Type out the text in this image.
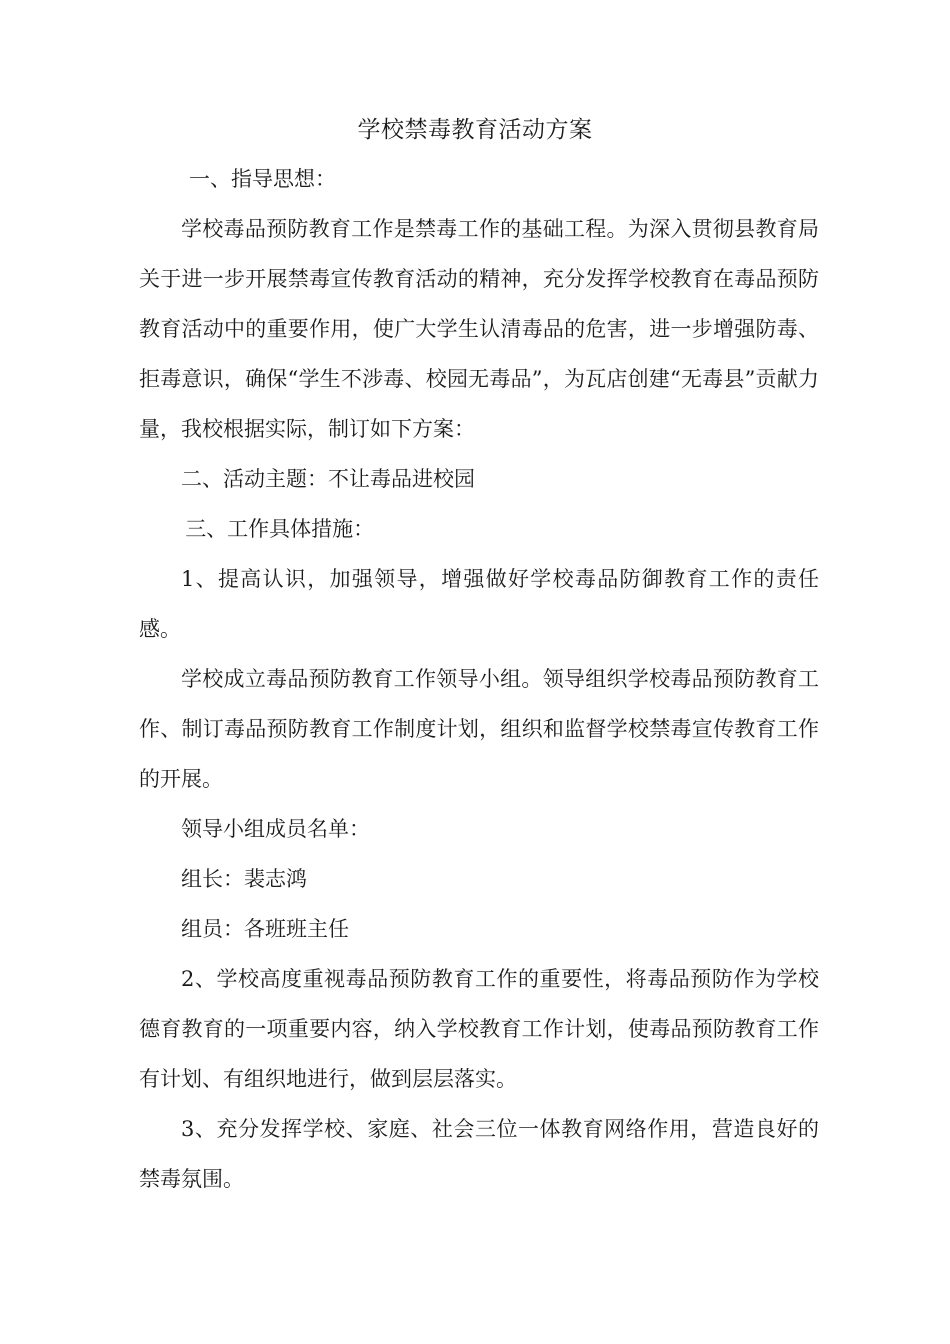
学校禁毒教育活动方案
一、指导思想：

学校毒品预防教育工作是禁毒工作的基础工程。为深入贯彻县教育局关于进一步开展禁毒宣传教育活动的精神，充分发挥学校教育在毒品预防教育活动中的重要作用，使广大学生认清毒品的危害，进一步增强防毒、拒毒意识，确保“学生不涉毒、校园无毒品”，为瓦店创建“无毒县”贡献力量，我校根据实际，制订如下方案：

二、活动主题：不让毒品进校园

三、工作具体措施：

1、提高认识，加强领导，增强做好学校毒品防御教育工作的责任感。

学校成立毒品预防教育工作领导小组。领导组织学校毒品预防教育工作、制订毒品预防教育工作制度计划，组织和监督学校禁毒宣传教育工作的开展。

领导小组成员名单：

组长：裴志鸿

组员：各班班主任

2、学校高度重视毒品预防教育工作的重要性，将毒品预防作为学校德育教育的一项重要内容，纳入学校教育工作计划，使毒品预防教育工作有计划、有组织地进行，做到层层落实。

3、充分发挥学校、家庭、社会三位一体教育网络作用，营造良好的禁毒氛围。
